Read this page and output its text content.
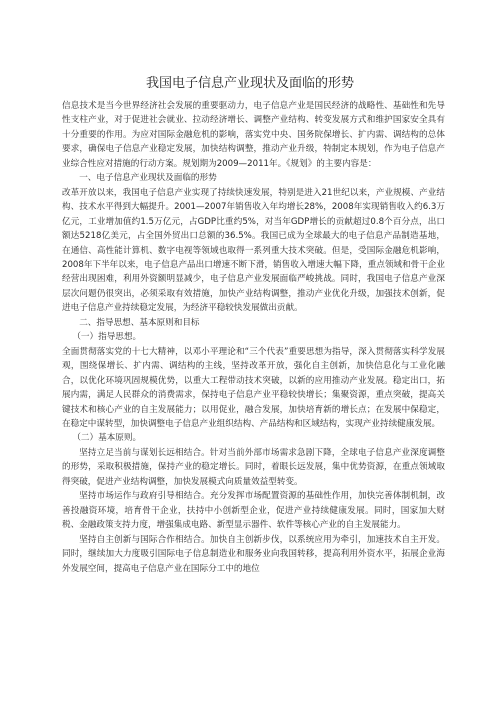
我国电子信息产业现状及面临的形势

信息技术是当今世界经济社会发展的重要驱动力，电子信息产业是国民经济的战略性、基础性和先导性支柱产业，对于促进社会就业、拉动经济增长、调整产业结构、转变发展方式和维护国家安全具有十分重要的作用。为应对国际金融危机的影响，落实党中央、国务院保增长、扩内需、调结构的总体要求，确保电子信息产业稳定发展，加快结构调整，推动产业升级，特制定本规划，作为电子信息产业综合性应对措施的行动方案。规划期为2009—2011年。《规划》的主要内容是：

一、电子信息产业现状及面临的形势

改革开放以来，我国电子信息产业实现了持续快速发展，特别是进入21世纪以来，产业规模、产业结构、技术水平得到大幅提升。2001—2007年销售收入年均增长28%，2008年实现销售收入约6.3万亿元，工业增加值约1.5万亿元，占GDP比重约5%，对当年GDP增长的贡献超过0.8个百分点，出口额达5218亿美元，占全国外贸出口总额的36.5%。我国已成为全球最大的电子信息产品制造基地，在通信、高性能计算机、数字电视等领域也取得一系列重大技术突破。但是，受国际金融危机影响，2008年下半年以来，电子信息产品出口增速不断下滑，销售收入增速大幅下降，重点领域和骨干企业经营出现困难，利用外资额明显减少，电子信息产业发展面临严峻挑战。同时，我国电子信息产业深层次问题仍很突出，必须采取有效措施，加快产业结构调整，推动产业优化升级，加强技术创新，促进电子信息产业持续稳定发展，为经济平稳较快发展做出贡献。

二、指导思想、基本原则和目标

（一）指导思想。

全面贯彻落实党的十七大精神，以邓小平理论和“三个代表”重要思想为指导，深入贯彻落实科学发展观，围绕保增长、扩内需、调结构的主线，坚持改革开放，强化自主创新，加快信息化与工业化融合，以优化环境巩固规模优势，以重大工程带动技术突破，以新的应用推动产业发展。稳定出口，拓展内需，满足人民群众的消费需求，保持电子信息产业平稳较快增长；集聚资源，重点突破，提高关键技术和核心产业的自主发展能力；以用促业，融合发展，加快培育新的增长点；在发展中保稳定，在稳定中谋转型，加快调整电子信息产业组织结构、产品结构和区域结构，实现产业持续健康发展。

（二）基本原则。

坚持立足当前与谋划长远相结合。针对当前外部市场需求急剧下降，全球电子信息产业深度调整的形势，采取积极措施，保持产业的稳定增长。同时，着眼长远发展，集中优势资源，在重点领域取得突破，促进产业结构调整，加快发展模式向质量效益型转变。

坚持市场运作与政府引导相结合。充分发挥市场配置资源的基础性作用，加快完善体制机制，改善投融资环境，培育骨干企业，扶持中小创新型企业，促进产业持续健康发展。同时，国家加大财税、金融政策支持力度，增强集成电路、新型显示器件、软件等核心产业的自主发展能力。

坚持自主创新与国际合作相结合。加快自主创新步伐，以系统应用为牵引，加速技术自主开发。同时，继续加大力度吸引国际电子信息制造业和服务业向我国转移，提高利用外资水平，拓展企业海外发展空间，提高电子信息产业在国际分工中的地位
